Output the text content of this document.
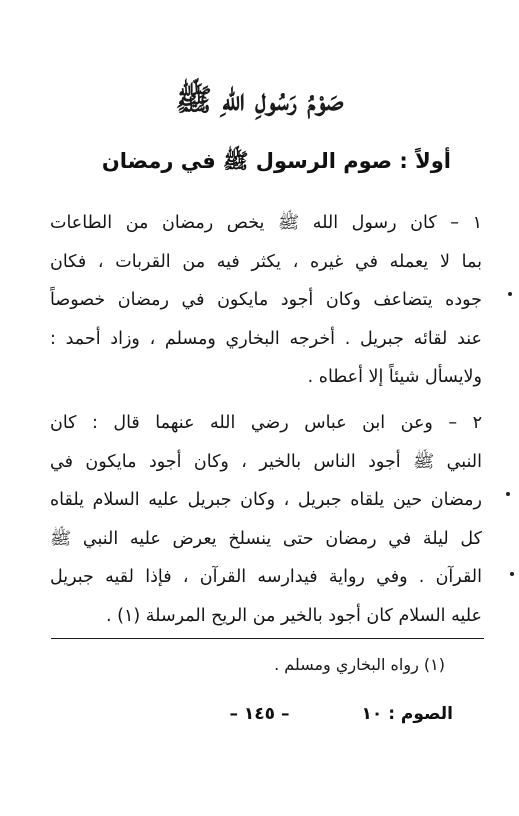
صَوْمُ رَسُولِ اللهِ ﷺ
أولاً : صوم الرسول ﷺ في رمضان
١ – كان رسول الله ﷺ يخص رمضان من الطاعات
بما لا يعمله في غيره ، يكثر فيه من القربات ، فكان
جوده يتضاعف وكان أجود مايكون في رمضان خصوصاً
عند لقائه جبريل . أخرجه البخاري ومسلم ، وزاد أحمد :
ولايسأل شيئاً إلا أعطاه .
٢ – وعن ابن عباس رضي الله عنهما قال : كان
النبي ﷺ أجود الناس بالخير ، وكان أجود مايكون في
رمضان حين يلقاه جبريل ، وكان جبريل عليه السلام يلقاه
كل ليلة في رمضان حتى ينسلخ يعرض عليه النبي ﷺ
القرآن . وفي رواية فيدارسه القرآن ، فإذا لقيه جبريل
عليه السلام كان أجود بالخير من الريح المرسلة (١) .
(١) رواه البخاري ومسلم .
الصوم : ١٠
– ١٤٥ –
